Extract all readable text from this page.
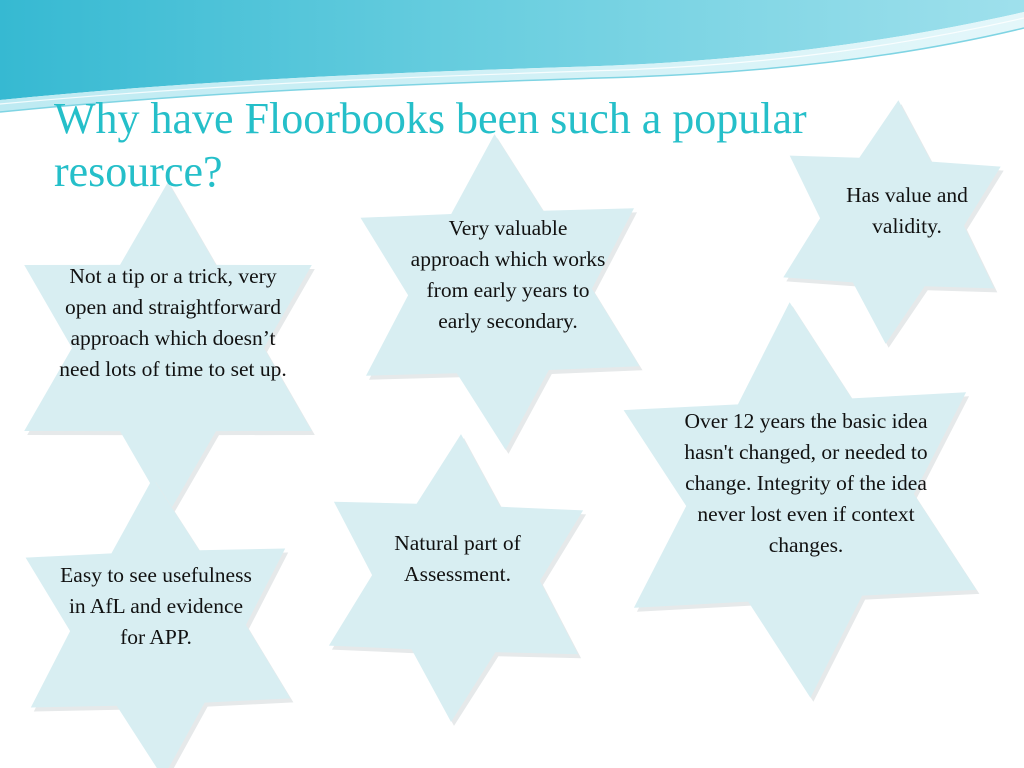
Why have Floorbooks been such a popular resource?
Not a tip or a trick, very open and straightforward approach which doesn’t need lots of time to set up.
Very valuable approach which works from early years to early secondary.
Has value and validity.
Over 12 years the basic idea hasn't changed, or needed to change. Integrity of the idea never lost even if context changes.
Natural part of Assessment.
Easy to see usefulness in AfL and evidence for APP.
